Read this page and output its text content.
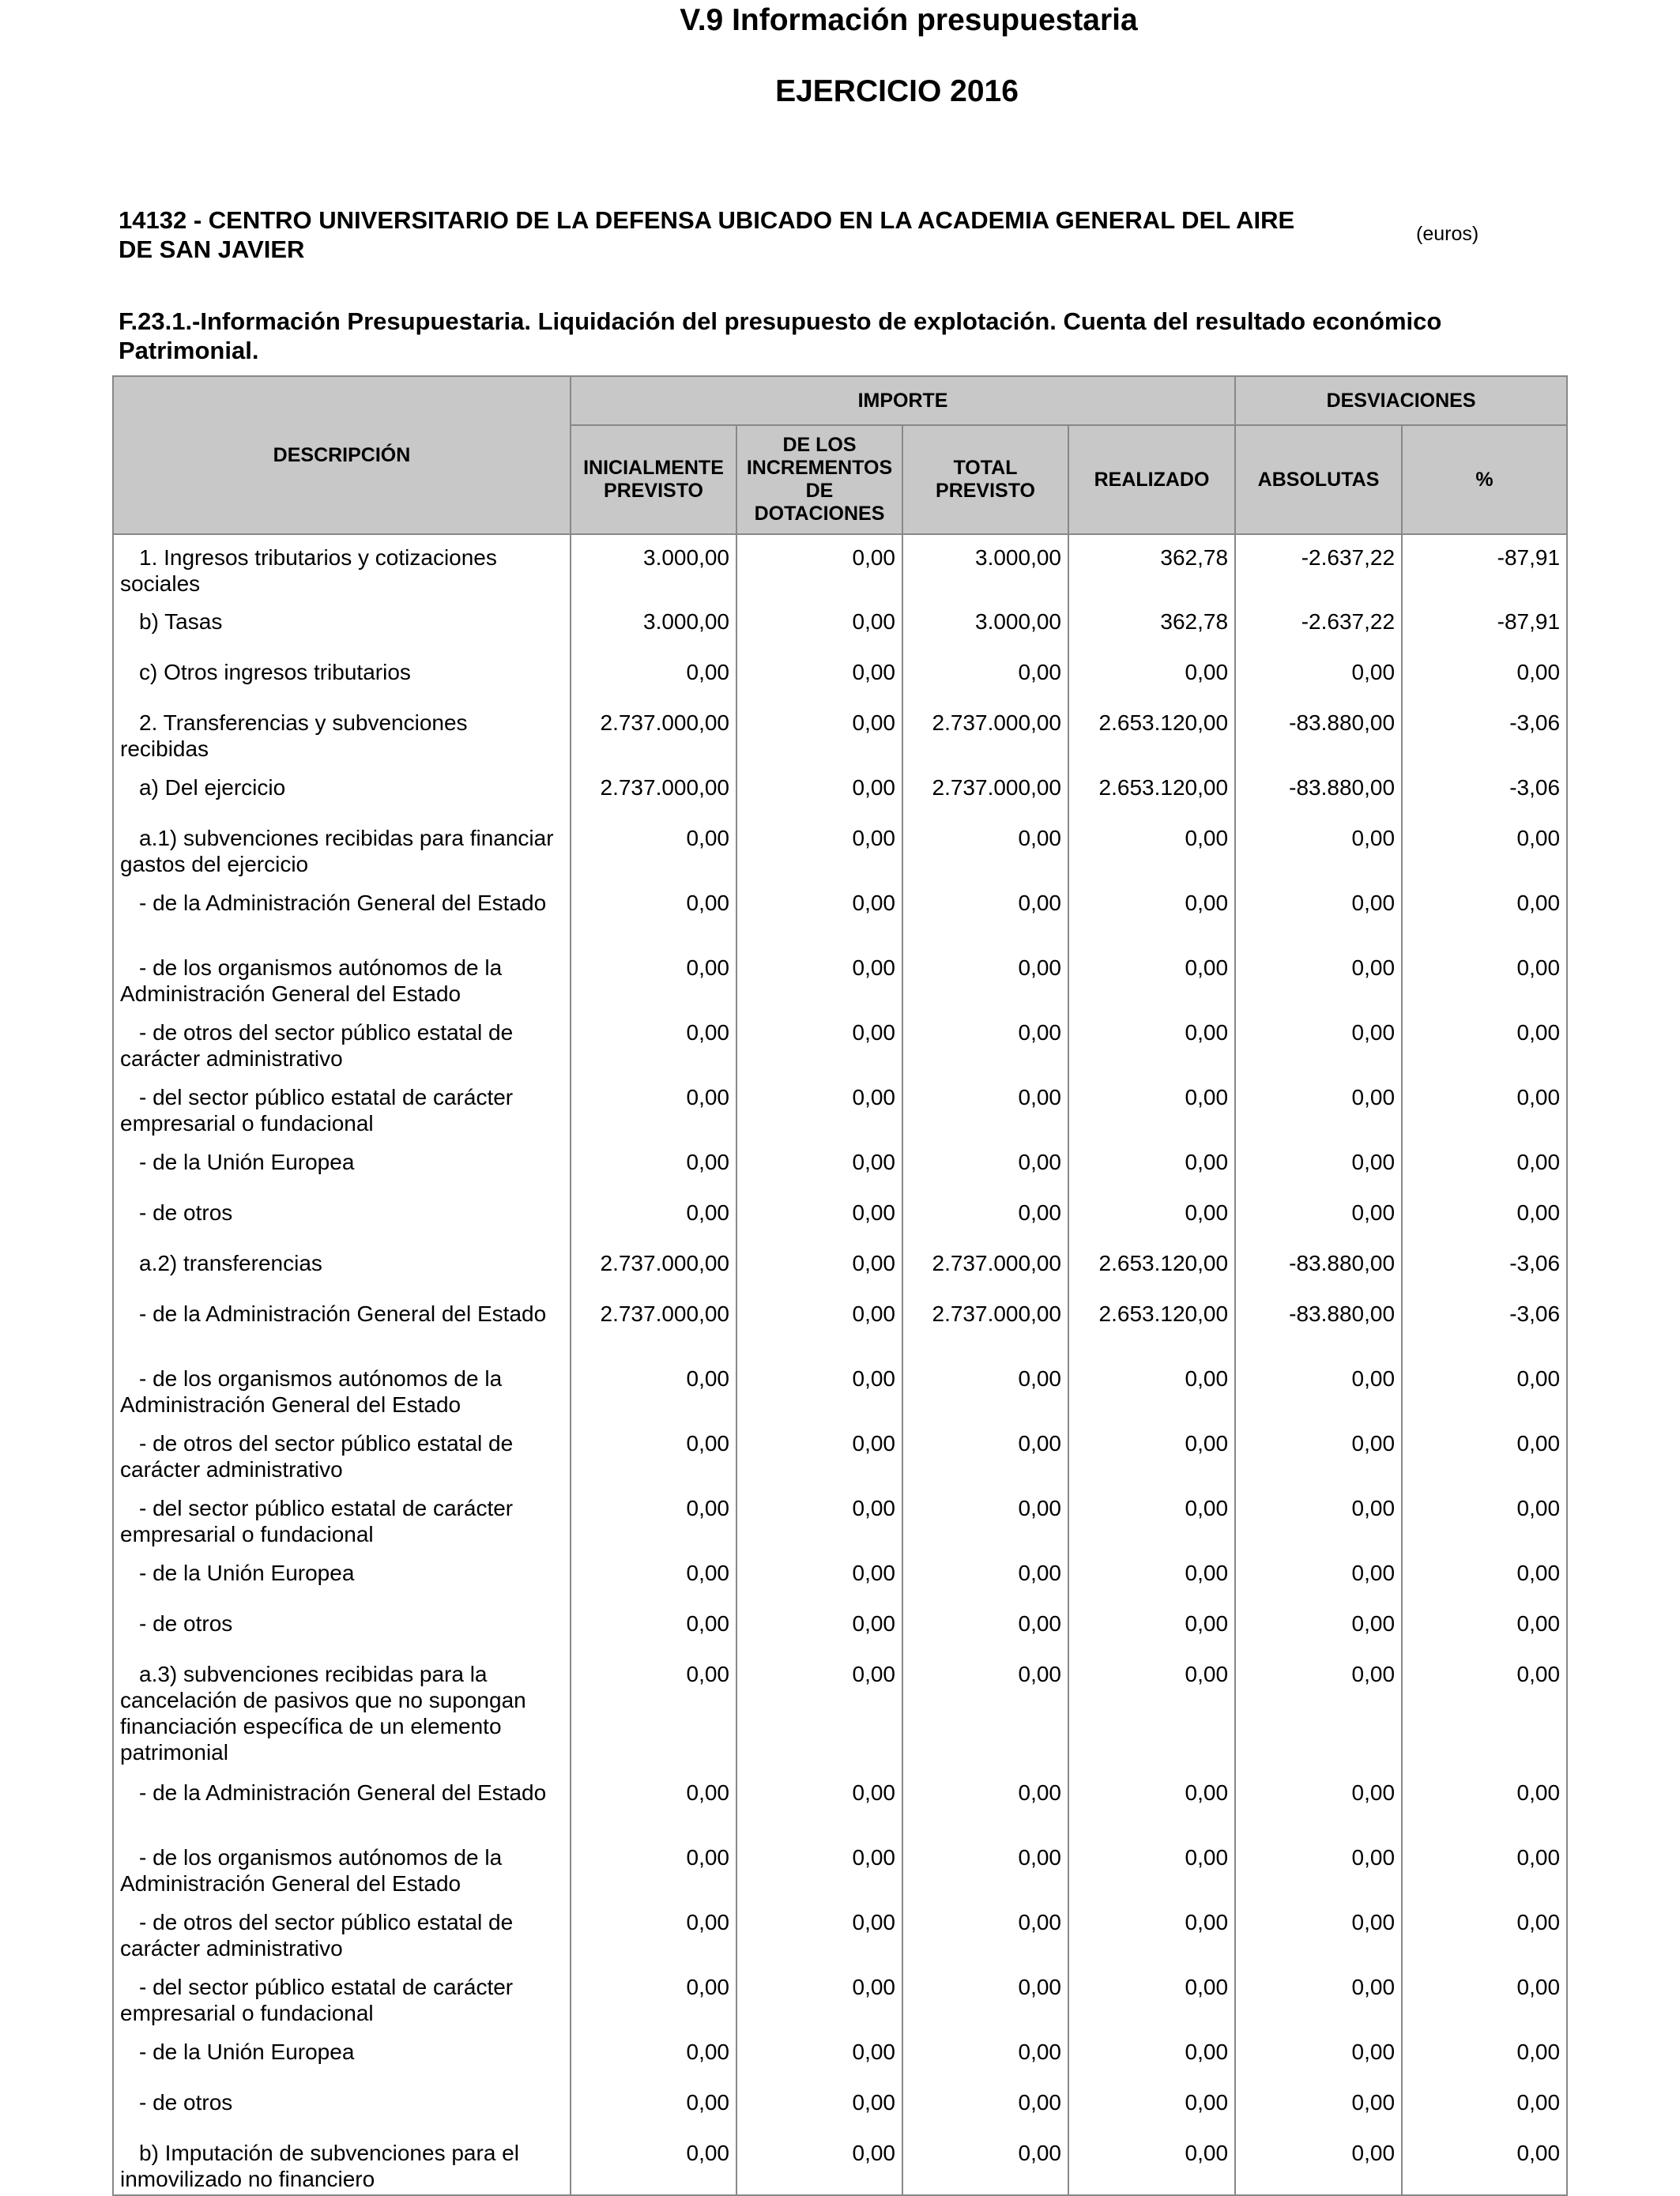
V.9 Información presupuestaria
EJERCICIO 2016
14132 - CENTRO UNIVERSITARIO DE LA DEFENSA UBICADO EN LA ACADEMIA GENERAL DEL AIRE DE SAN JAVIER
(euros)
F.23.1.-Información Presupuestaria. Liquidación del presupuesto de explotación. Cuenta del resultado económico Patrimonial.
DESCRIPCIÓN	IMPORTE				DESVIACIONES	
	INICIALMENTE PREVISTO	DE LOS INCREMENTOS DE DOTACIONES	TOTAL PREVISTO	REALIZADO	ABSOLUTAS	%
1. Ingresos tributarios y cotizaciones sociales	3.000,00	0,00	3.000,00	362,78	-2.637,22	-87,91
b) Tasas	3.000,00	0,00	3.000,00	362,78	-2.637,22	-87,91
c) Otros ingresos tributarios	0,00	0,00	0,00	0,00	0,00	0,00
2. Transferencias y subvenciones recibidas	2.737.000,00	0,00	2.737.000,00	2.653.120,00	-83.880,00	-3,06
a) Del ejercicio	2.737.000,00	0,00	2.737.000,00	2.653.120,00	-83.880,00	-3,06
a.1) subvenciones recibidas para financiar gastos del ejercicio	0,00	0,00	0,00	0,00	0,00	0,00
- de la Administración General del Estado	0,00	0,00	0,00	0,00	0,00	0,00
- de los organismos autónomos de la Administración General del Estado	0,00	0,00	0,00	0,00	0,00	0,00
- de otros del sector público estatal de carácter administrativo	0,00	0,00	0,00	0,00	0,00	0,00
- del sector público estatal de carácter empresarial o fundacional	0,00	0,00	0,00	0,00	0,00	0,00
- de la Unión Europea	0,00	0,00	0,00	0,00	0,00	0,00
- de otros	0,00	0,00	0,00	0,00	0,00	0,00
a.2) transferencias	2.737.000,00	0,00	2.737.000,00	2.653.120,00	-83.880,00	-3,06
- de la Administración General del Estado	2.737.000,00	0,00	2.737.000,00	2.653.120,00	-83.880,00	-3,06
- de los organismos autónomos de la Administración General del Estado	0,00	0,00	0,00	0,00	0,00	0,00
- de otros del sector público estatal de carácter administrativo	0,00	0,00	0,00	0,00	0,00	0,00
- del sector público estatal de carácter empresarial o fundacional	0,00	0,00	0,00	0,00	0,00	0,00
- de la Unión Europea	0,00	0,00	0,00	0,00	0,00	0,00
- de otros	0,00	0,00	0,00	0,00	0,00	0,00
a.3) subvenciones recibidas para la cancelación de pasivos que no supongan financiación específica de un elemento patrimonial	0,00	0,00	0,00	0,00	0,00	0,00
- de la Administración General del Estado	0,00	0,00	0,00	0,00	0,00	0,00
- de los organismos autónomos de la Administración General del Estado	0,00	0,00	0,00	0,00	0,00	0,00
- de otros del sector público estatal de carácter administrativo	0,00	0,00	0,00	0,00	0,00	0,00
- del sector público estatal de carácter empresarial o fundacional	0,00	0,00	0,00	0,00	0,00	0,00
- de la Unión Europea	0,00	0,00	0,00	0,00	0,00	0,00
- de otros	0,00	0,00	0,00	0,00	0,00	0,00
b) Imputación de subvenciones para el inmovilizado no financiero	0,00	0,00	0,00	0,00	0,00	0,00
